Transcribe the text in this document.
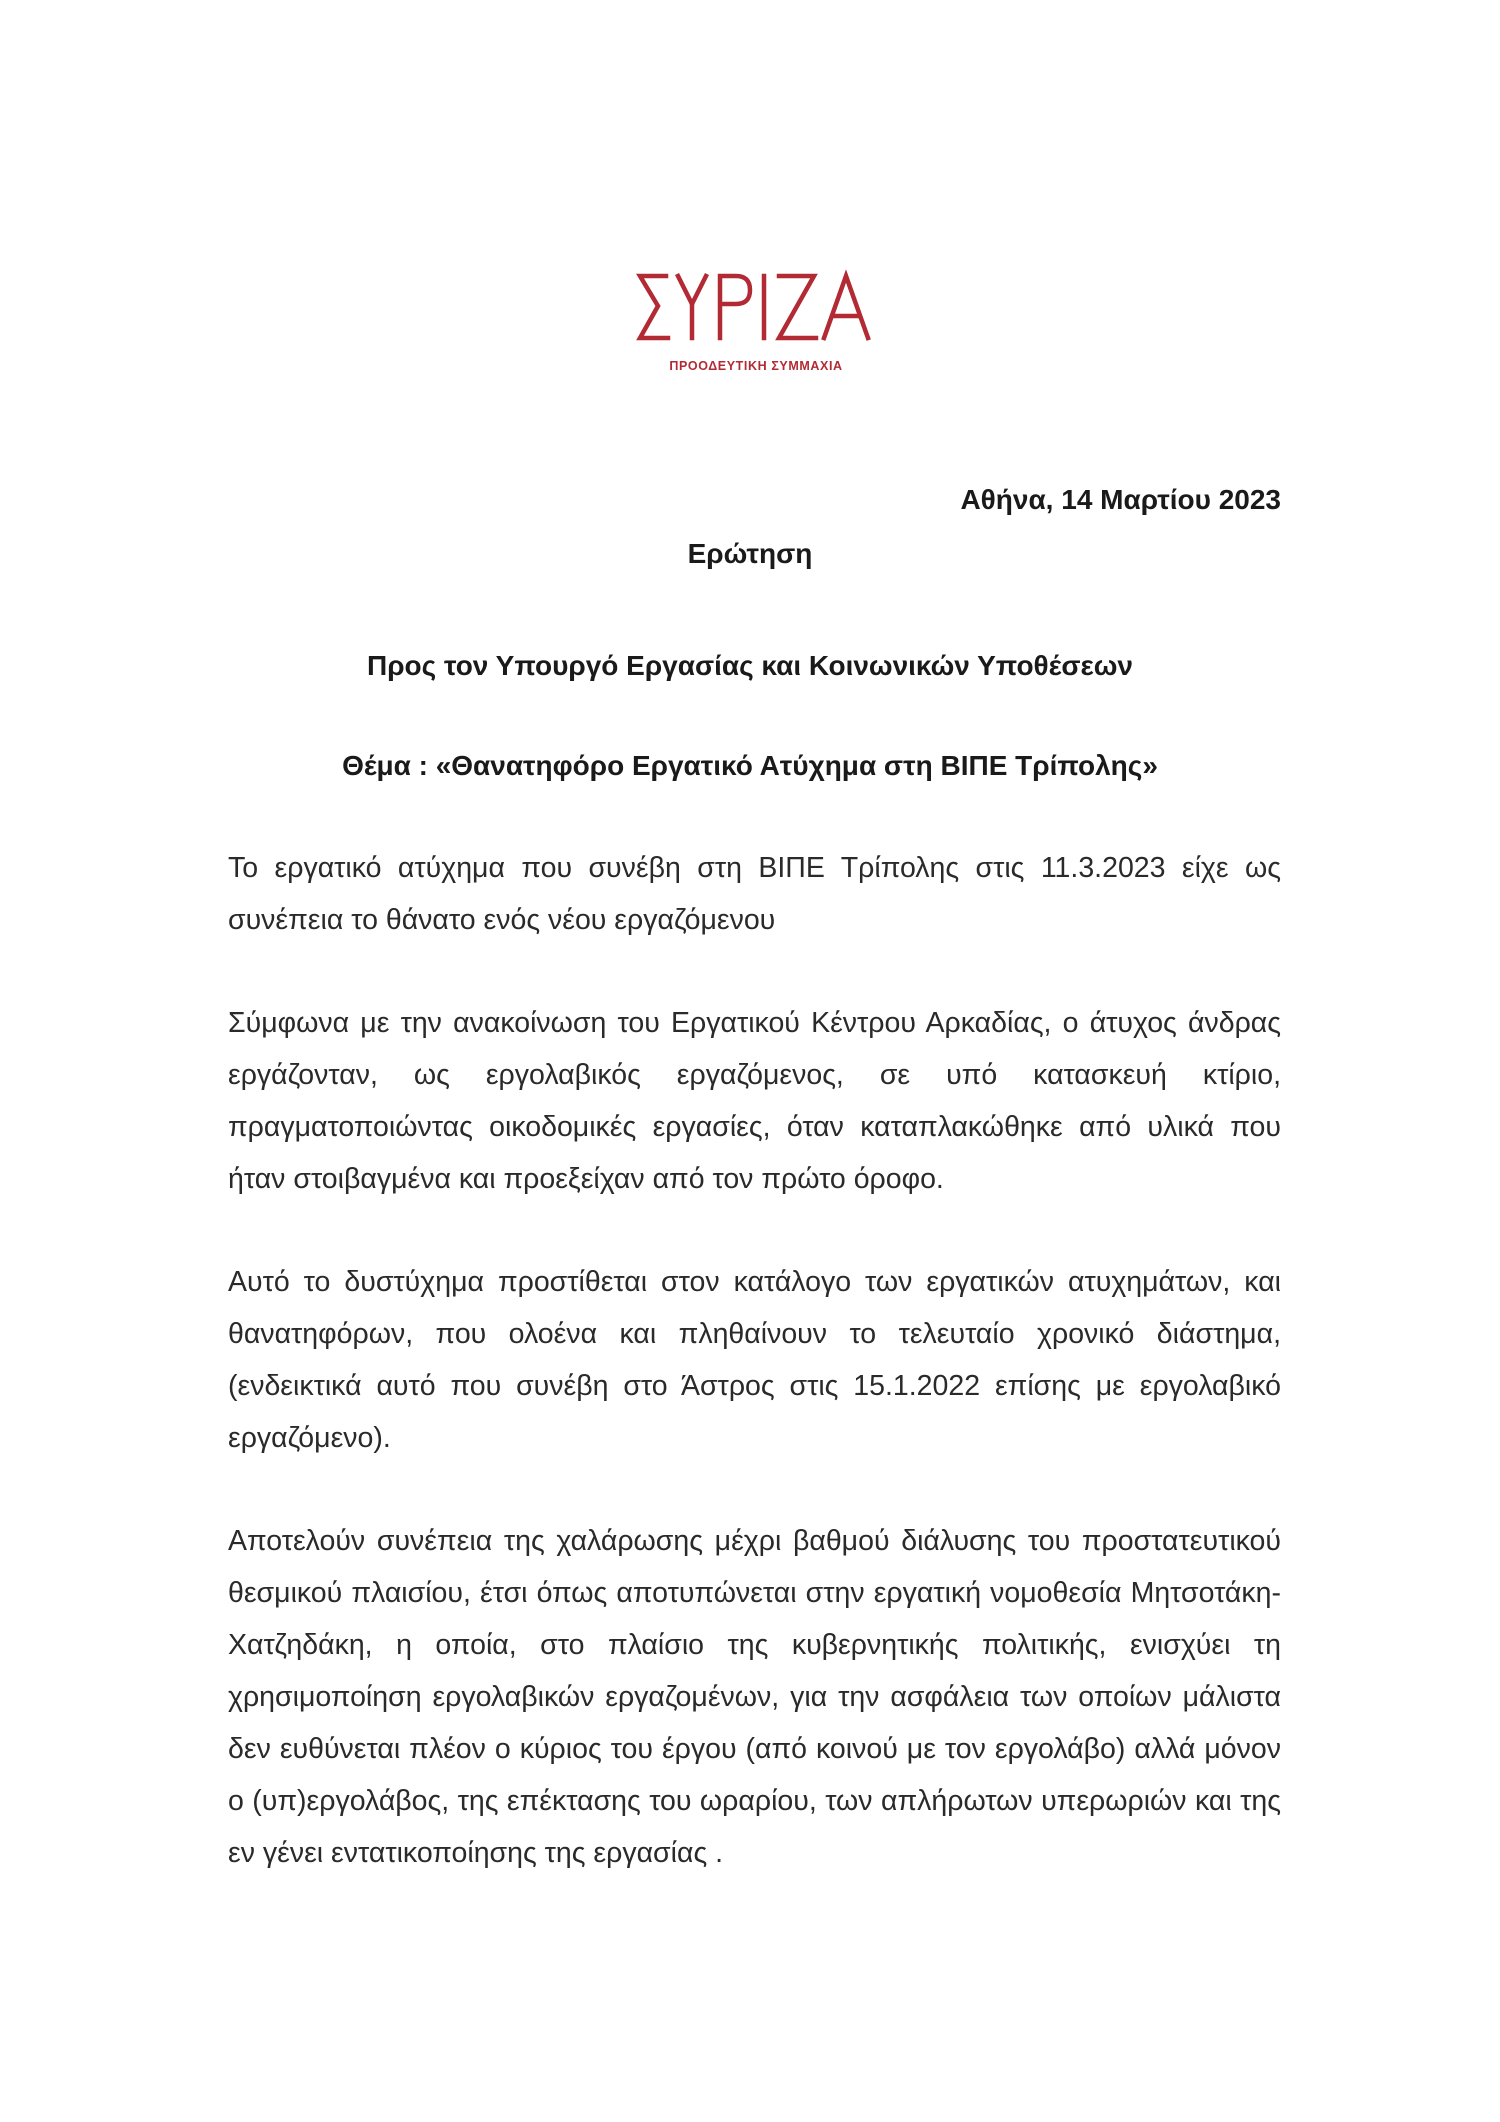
ΠΡΟΟΔΕΥΤΙΚΗ ΣΥΜΜΑΧΙΑ
Αθήνα, 14 Μαρτίου 2023
Ερώτηση
Προς τον Υπουργό Εργασίας και Κοινωνικών Υποθέσεων
Θέμα : «Θανατηφόρο Εργατικό Ατύχημα στη ΒΙΠΕ Τρίπολης»

Το εργατικό ατύχημα που συνέβη στη ΒΙΠΕ Τρίπολης στις 11.3.2023 είχε ως συνέπεια το θάνατο ενός νέου εργαζόμενου

Σύμφωνα με την ανακοίνωση του Εργατικού Κέντρου Αρκαδίας, ο άτυχος άνδρας εργάζονταν, ως εργολαβικός εργαζόμενος, σε υπό κατασκευή κτίριο, πραγματοποιώντας οικοδομικές εργασίες, όταν καταπλακώθηκε από υλικά που ήταν στοιβαγμένα και προεξείχαν από τον πρώτο όροφο.

Αυτό το δυστύχημα προστίθεται στον κατάλογο των εργατικών ατυχημάτων, και θανατηφόρων, που ολοένα και πληθαίνουν το τελευταίο χρονικό διάστημα, (ενδεικτικά αυτό που συνέβη στο Άστρος στις 15.1.2022 επίσης με εργολαβικό εργαζόμενο).

Αποτελούν συνέπεια της χαλάρωσης μέχρι βαθμού διάλυσης του προστατευτικού θεσμικού πλαισίου, έτσι όπως αποτυπώνεται στην εργατική νομοθεσία Μητσοτάκη-Χατζηδάκη, η οποία, στο πλαίσιο της κυβερνητικής πολιτικής, ενισχύει τη χρησιμοποίηση εργολαβικών εργαζομένων, για την ασφάλεια των οποίων μάλιστα δεν ευθύνεται πλέον ο κύριος του έργου (από κοινού με τον εργολάβο) αλλά μόνον ο (υπ)εργολάβος, της επέκτασης του ωραρίου, των απλήρωτων υπερωριών και της εν γένει εντατικοποίησης της εργασίας .
